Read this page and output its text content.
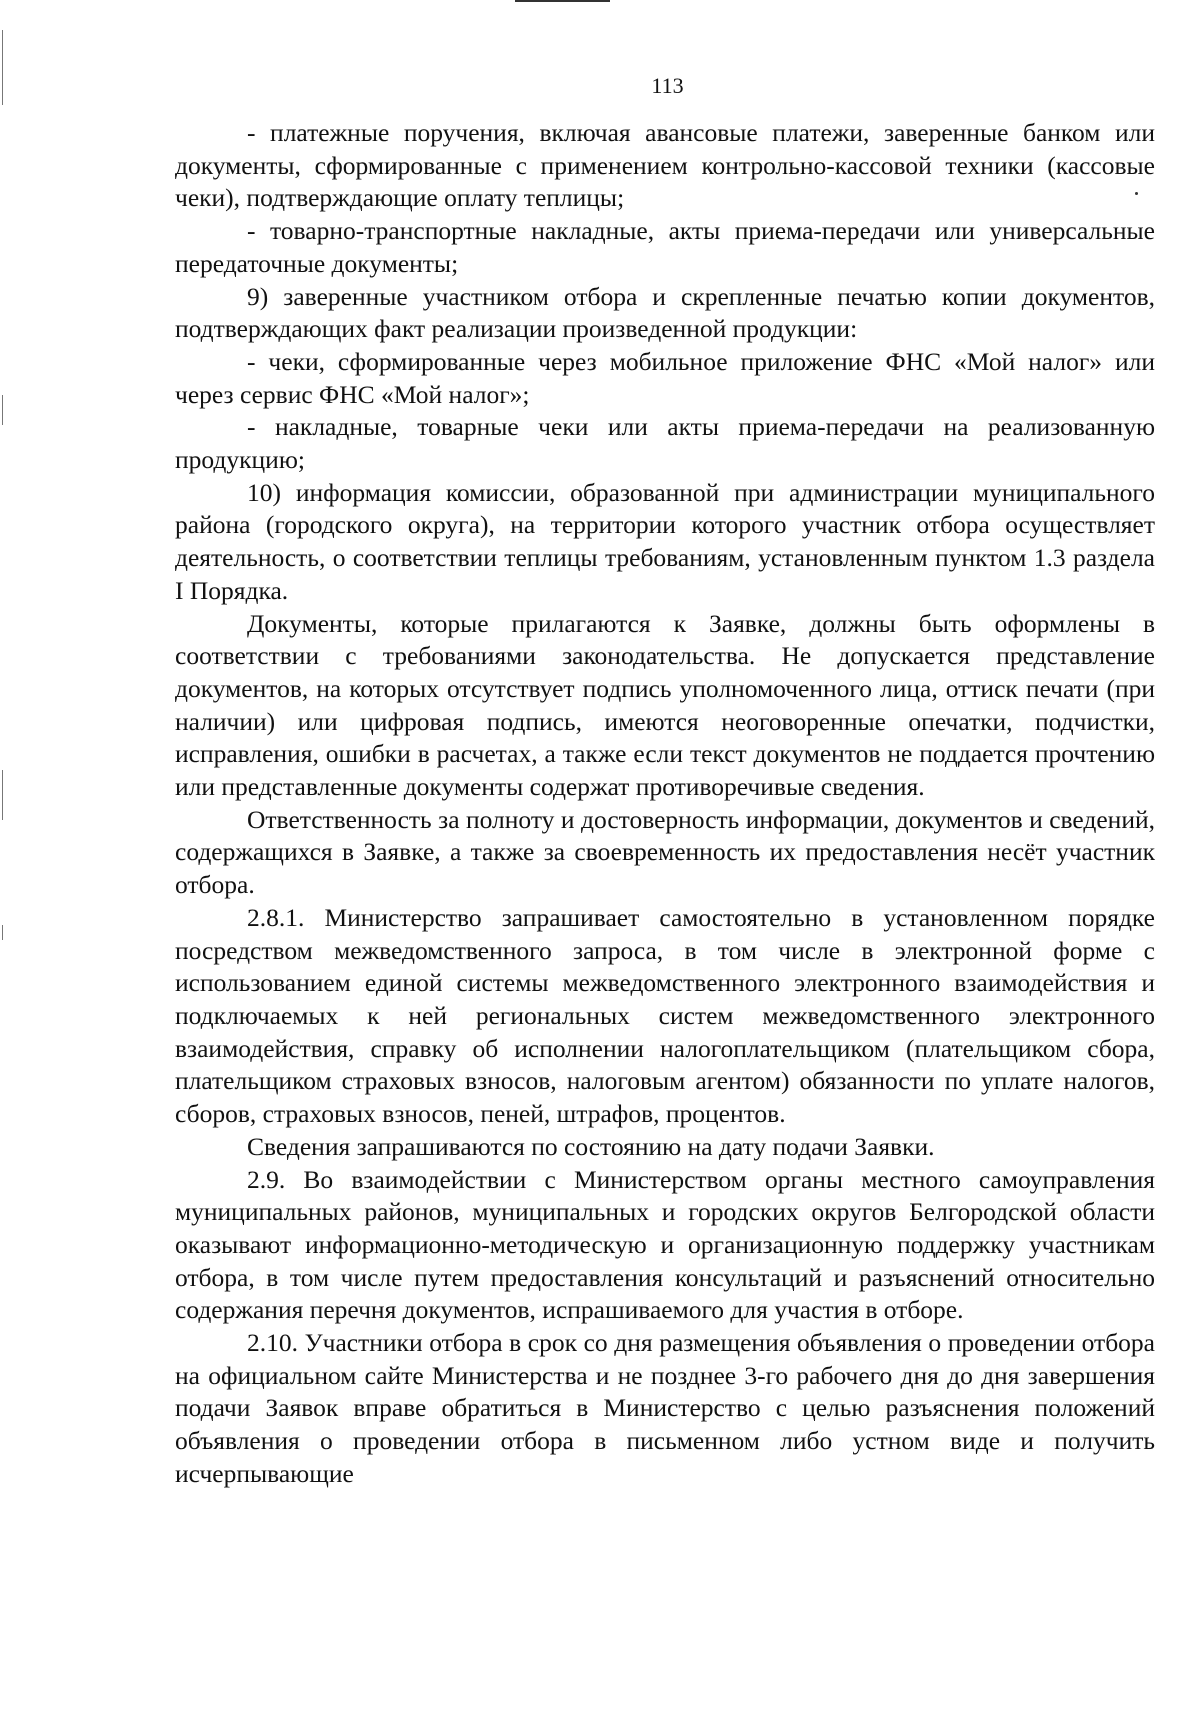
113

- платежные поручения, включая авансовые платежи, заверенные банком или документы, сформированные с применением контрольно-кассовой техники (кассовые чеки), подтверждающие оплату теплицы;

- товарно-транспортные накладные, акты приема-передачи или универсальные передаточные документы;

9) заверенные участником отбора и скрепленные печатью копии документов, подтверждающих факт реализации произведенной продукции:

- чеки, сформированные через мобильное приложение ФНС «Мой налог» или через сервис ФНС «Мой налог»;

- накладные, товарные чеки или акты приема-передачи на реализованную продукцию;

10) информация комиссии, образованной при администрации муниципального района (городского округа), на территории которого участник отбора осуществляет деятельность, о соответствии теплицы требованиям, установленным пунктом 1.3 раздела I Порядка.

Документы, которые прилагаются к Заявке, должны быть оформлены в соответствии с требованиями законодательства. Не допускается представление документов, на которых отсутствует подпись уполномоченного лица, оттиск печати (при наличии) или цифровая подпись, имеются неоговоренные опечатки, подчистки, исправления, ошибки в расчетах, а также если текст документов не поддается прочтению или представленные документы содержат противоречивые сведения.

Ответственность за полноту и достоверность информации, документов и сведений, содержащихся в Заявке, а также за своевременность их предоставления несёт участник отбора.

2.8.1. Министерство запрашивает самостоятельно в установленном порядке посредством межведомственного запроса, в том числе в электронной форме с использованием единой системы межведомственного электронного взаимодействия и подключаемых к ней региональных систем межведомственного электронного взаимодействия, справку об исполнении налогоплательщиком (плательщиком сбора, плательщиком страховых взносов, налоговым агентом) обязанности по уплате налогов, сборов, страховых взносов, пеней, штрафов, процентов.

Сведения запрашиваются по состоянию на дату подачи Заявки.

2.9. Во взаимодействии с Министерством органы местного самоуправления муниципальных районов, муниципальных и городских округов Белгородской области оказывают информационно-методическую и организационную поддержку участникам отбора, в том числе путем предоставления консультаций и разъяснений относительно содержания перечня документов, испрашиваемого для участия в отборе.

2.10. Участники отбора в срок со дня размещения объявления о проведении отбора на официальном сайте Министерства и не позднее 3-го рабочего дня до дня завершения подачи Заявок вправе обратиться в Министерство с целью разъяснения положений объявления о проведении отбора в письменном либо устном виде и получить исчерпывающие
